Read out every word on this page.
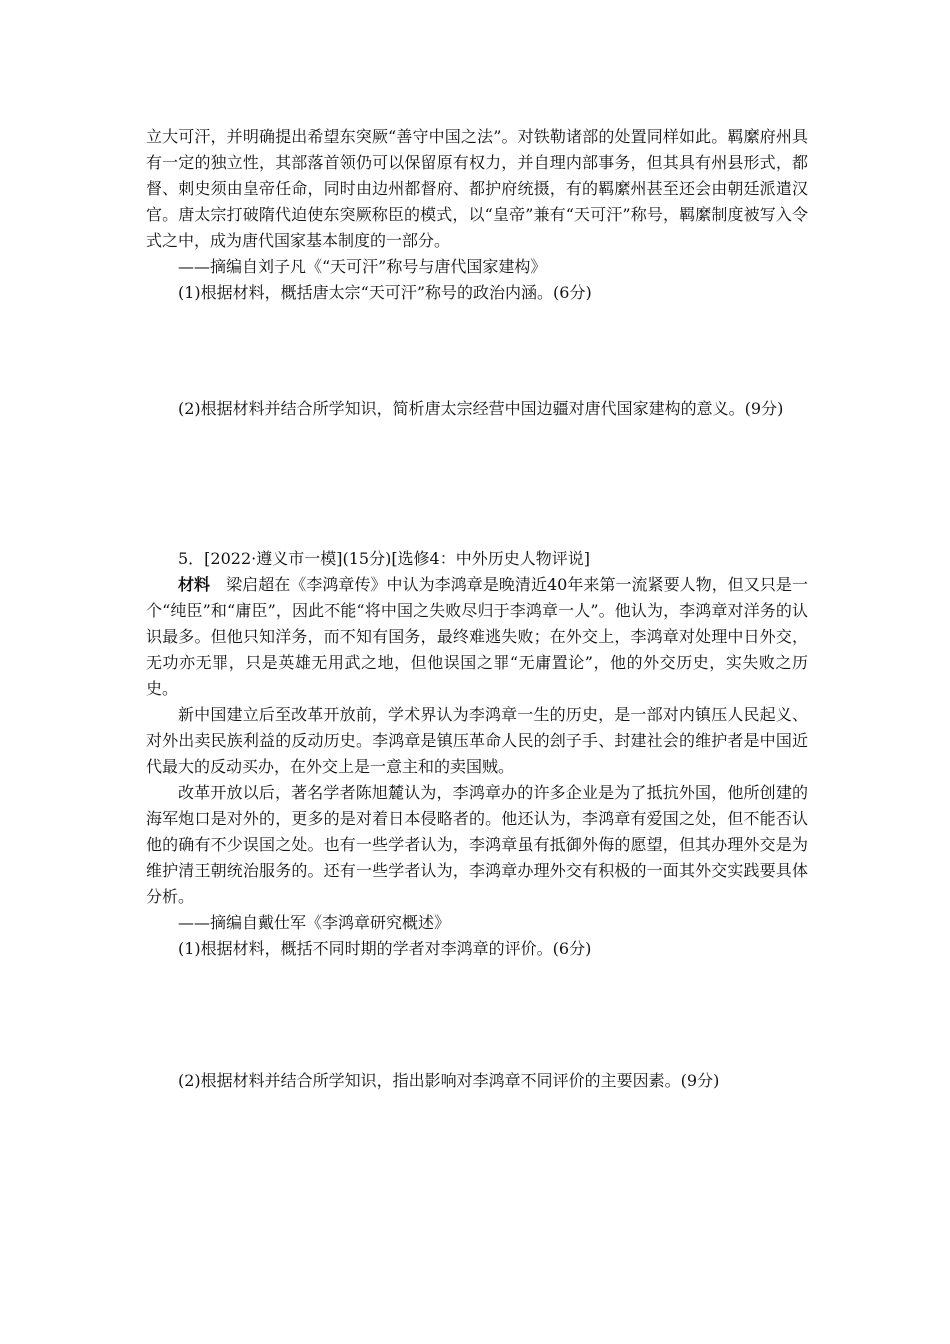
立大可汗，并明确提出希望东突厥“善守中国之法”。对铁勒诸部的处置同样如此。羁縻府州具有一定的独立性，其部落首领仍可以保留原有权力，并自理内部事务，但其具有州县形式，都督、刺史须由皇帝任命，同时由边州都督府、都护府统摄，有的羁縻州甚至还会由朝廷派遣汉官。唐太宗打破隋代迫使东突厥称臣的模式，以“皇帝”兼有“天可汗”称号，羁縻制度被写入令式之中，成为唐代国家基本制度的一部分。

——摘编自刘子凡《“天可汗”称号与唐代国家建构》

(1)根据材料，概括唐太宗“天可汗”称号的政治内涵。(6分)

(2)根据材料并结合所学知识，简析唐太宗经营中国边疆对唐代国家建构的意义。(9分)

5．[2022·遵义市一模](15分)[选修4：中外历史人物评说]

材料  梁启超在《李鸿章传》中认为李鸿章是晚清近40年来第一流紧要人物，但又只是一个“纯臣”和“庸臣”，因此不能“将中国之失败尽归于李鸿章一人”。他认为，李鸿章对洋务的认识最多。但他只知洋务，而不知有国务，最终难逃失败；在外交上，李鸿章对处理中日外交，无功亦无罪，只是英雄无用武之地，但他误国之罪“无庸置论”，他的外交历史，实失败之历史。

新中国建立后至改革开放前，学术界认为李鸿章一生的历史，是一部对内镇压人民起义、对外出卖民族利益的反动历史。李鸿章是镇压革命人民的刽子手、封建社会的维护者是中国近代最大的反动买办，在外交上是一意主和的卖国贼。

改革开放以后，著名学者陈旭麓认为，李鸿章办的许多企业是为了抵抗外国，他所创建的海军炮口是对外的，更多的是对着日本侵略者的。他还认为，李鸿章有爱国之处，但不能否认他的确有不少误国之处。也有一些学者认为，李鸿章虽有抵御外侮的愿望，但其办理外交是为维护清王朝统治服务的。还有一些学者认为，李鸿章办理外交有积极的一面其外交实践要具体分析。

——摘编自戴仕军《李鸿章研究概述》

(1)根据材料，概括不同时期的学者对李鸿章的评价。(6分)

(2)根据材料并结合所学知识，指出影响对李鸿章不同评价的主要因素。(9分)
